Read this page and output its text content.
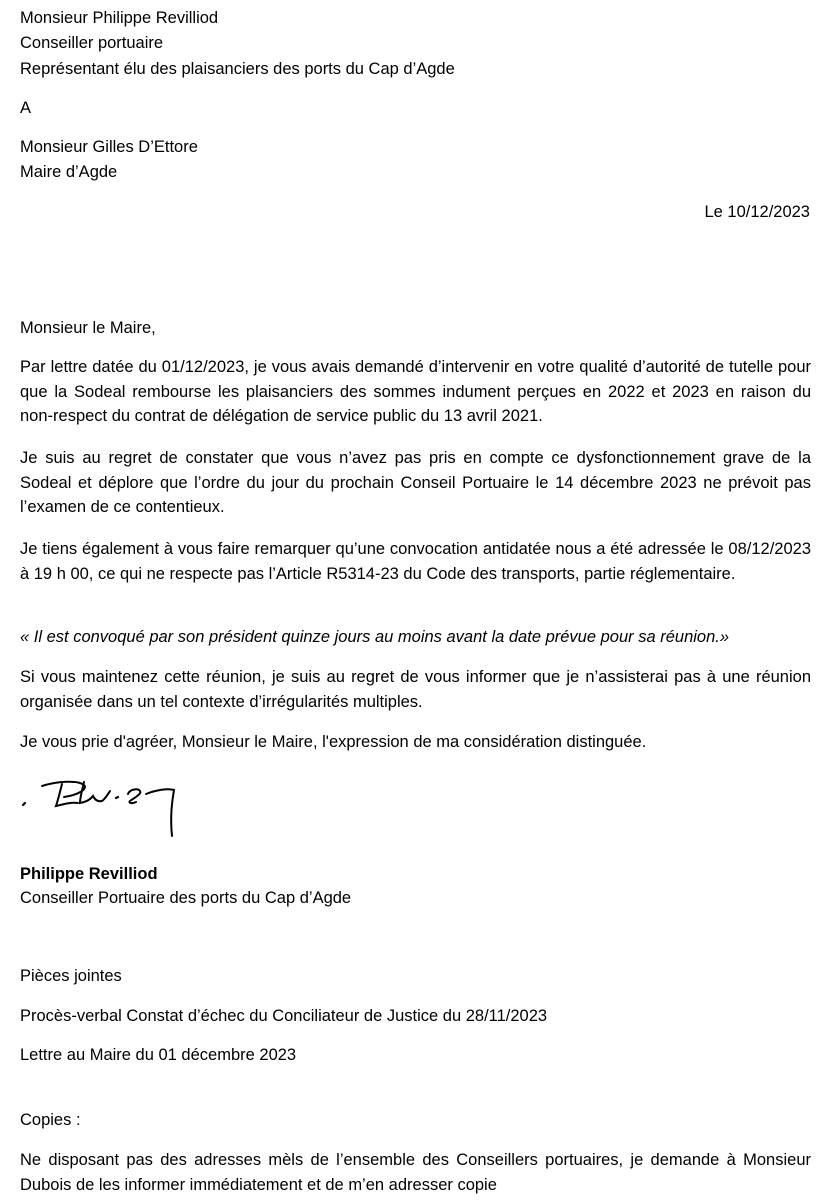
Monsieur Philippe Revilliod
Conseiller portuaire
Représentant élu des plaisanciers des ports du Cap d’Agde
A
Monsieur Gilles D’Ettore
Maire d’Agde
Le 10/12/2023
Monsieur le Maire,
Par lettre datée du 01/12/2023, je vous avais demandé d’intervenir en votre qualité d’autorité de tutelle pour que la Sodeal rembourse les plaisanciers des sommes indument perçues en 2022 et 2023 en raison du non-respect du contrat de délégation de service public du 13 avril 2021.
Je suis au regret de constater que vous n’avez pas pris en compte ce dysfonctionnement grave de la Sodeal et déplore que l’ordre du jour du prochain Conseil Portuaire le 14 décembre 2023 ne prévoit pas l’examen de ce contentieux.
Je tiens également à vous faire remarquer qu’une convocation antidatée nous a été adressée le 08/12/2023 à 19 h 00, ce qui ne respecte pas l’Article R5314-23 du Code des transports, partie réglementaire.
« Il est convoqué par son président quinze jours au moins avant la date prévue pour sa réunion.»
Si vous maintenez cette réunion, je suis au regret de vous informer que je n’assisterai pas à une réunion organisée dans un tel contexte d’irrégularités multiples.
Je vous prie d'agréer, Monsieur le Maire, l'expression de ma considération distinguée.
Philippe Revilliod
Conseiller Portuaire des ports du Cap d’Agde
Pièces jointes
Procès-verbal Constat d’échec du Conciliateur de Justice du 28/11/2023
Lettre au Maire du 01 décembre 2023
Copies :
Ne disposant pas des adresses mèls de l’ensemble des Conseillers portuaires, je demande à Monsieur Dubois de les informer immédiatement et de m’en adresser copie
